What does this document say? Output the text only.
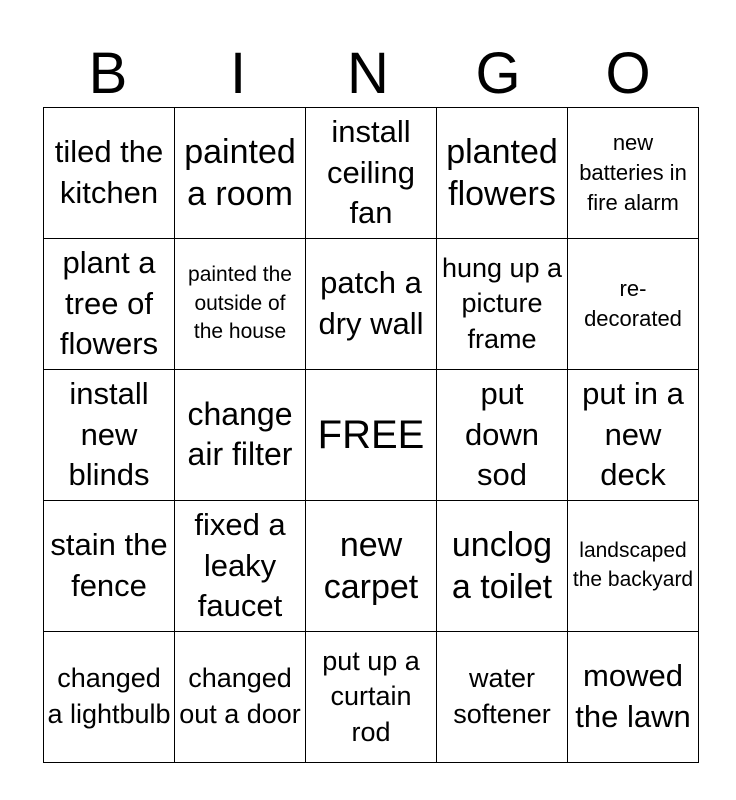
B	I	N	G	O
tiled the kitchen	painted a room	install ceiling fan	planted flowers	new batteries in fire alarm

plant a tree of flowers	painted the outside of the house	patch a dry wall	hung up a picture frame	re-decorated

install new blinds	change air filter	FREE	put down sod	put in a new deck

stain the fence	fixed a leaky faucet	new carpet	unclog a toilet	landscaped the backyard

changed a lightbulb	changed out a door	put up a curtain rod	water softener	mowed the lawn
